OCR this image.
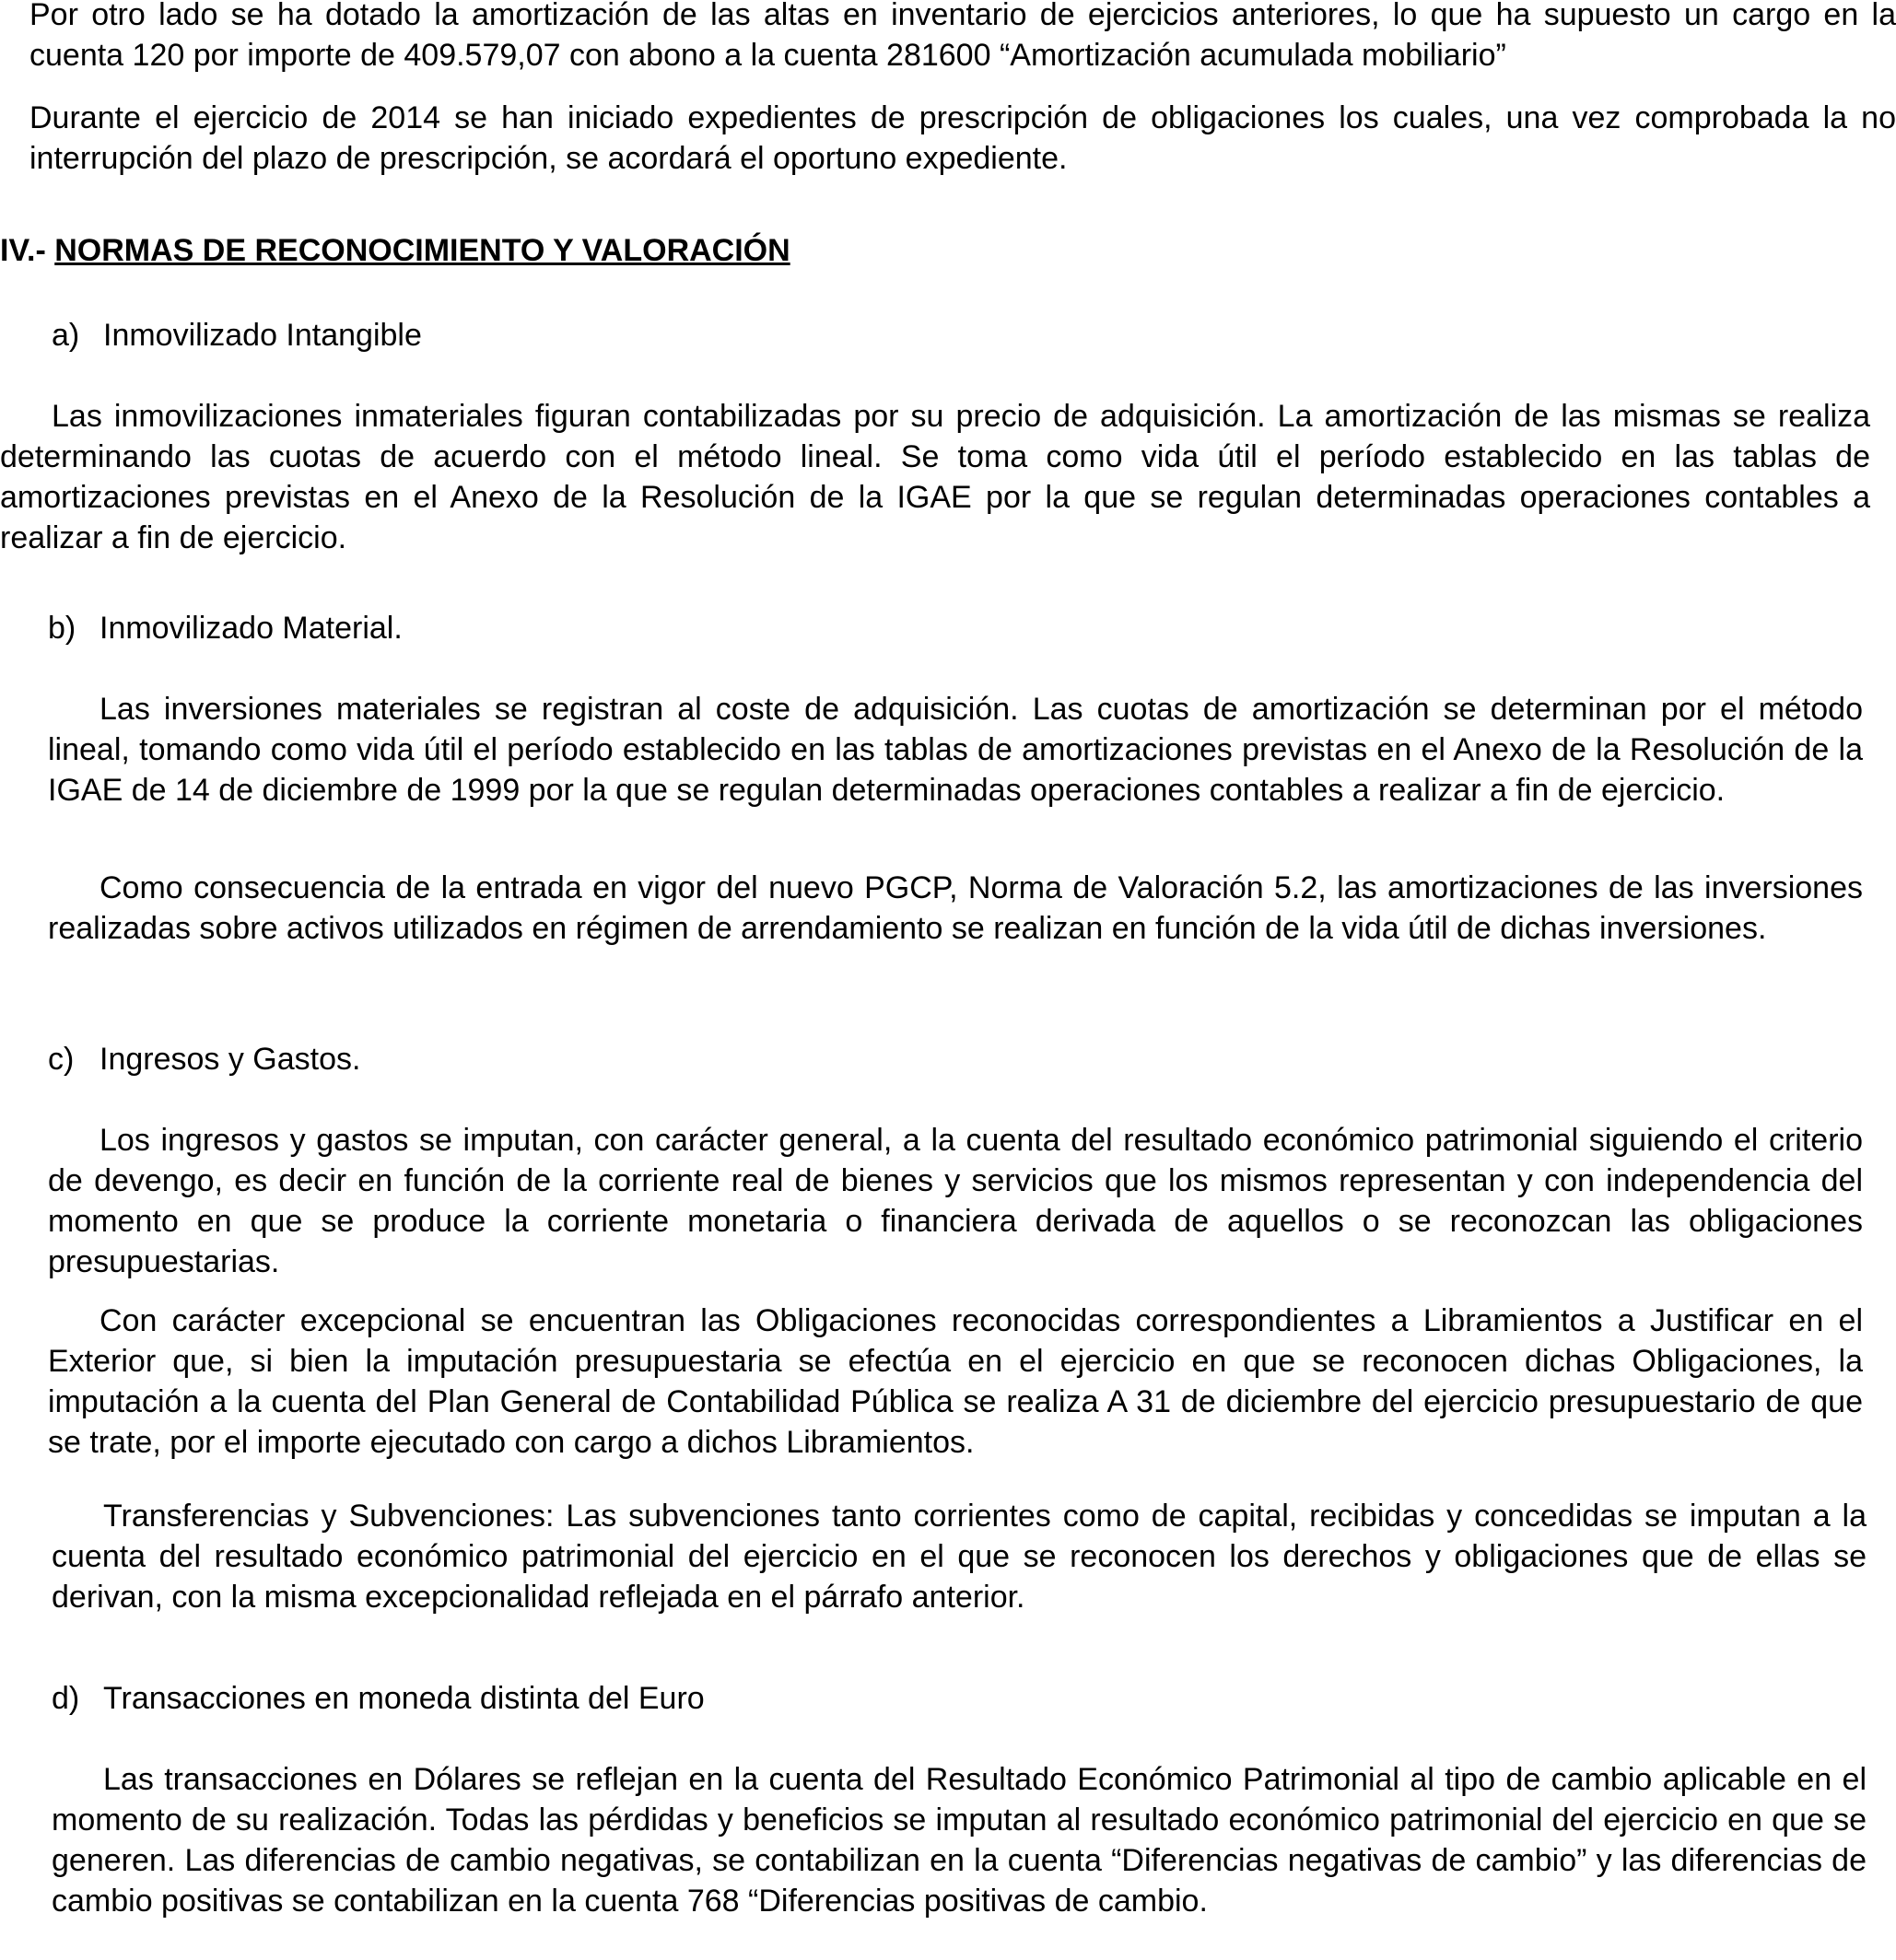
Por otro lado se ha dotado la amortización de las altas en inventario de ejercicios anteriores, lo que ha supuesto un cargo en la cuenta 120 por importe de 409.579,07 con abono a la cuenta 281600 “Amortización acumulada mobiliario”

Durante el ejercicio de 2014 se han iniciado expedientes de prescripción de obligaciones los cuales, una vez comprobada la no interrupción del plazo de prescripción, se acordará el oportuno expediente.

IV.- NORMAS DE RECONOCIMIENTO Y VALORACIÓN

a) Inmovilizado Intangible

Las inmovilizaciones inmateriales figuran contabilizadas por su precio de adquisición. La amortización de las mismas se realiza determinando las cuotas de acuerdo con el método lineal. Se toma como vida útil el período establecido en las tablas de amortizaciones previstas en el Anexo de la Resolución de la IGAE por la que se regulan determinadas operaciones contables a realizar a fin de ejercicio.

b) Inmovilizado Material.

Las inversiones materiales se registran al coste de adquisición. Las cuotas de amortización se determinan por el método lineal, tomando como vida útil el período establecido en las tablas de amortizaciones previstas en el Anexo de la Resolución de la IGAE de 14 de diciembre de 1999 por la que se regulan determinadas operaciones contables a realizar a fin de ejercicio.

Como consecuencia de la entrada en vigor del nuevo PGCP, Norma de Valoración 5.2, las amortizaciones de las inversiones realizadas sobre activos utilizados en régimen de arrendamiento se realizan en función de la vida útil de dichas inversiones.

c) Ingresos y Gastos.

Los ingresos y gastos se imputan, con carácter general, a la cuenta del resultado económico patrimonial siguiendo el criterio de devengo, es decir en función de la corriente real de bienes y servicios que los mismos representan y con independencia del momento en que se produce la corriente monetaria o financiera derivada de aquellos o se reconozcan las obligaciones presupuestarias.

Con carácter excepcional se encuentran las Obligaciones reconocidas correspondientes a Libramientos a Justificar en el Exterior que, si bien la imputación presupuestaria se efectúa en el ejercicio en que se reconocen dichas Obligaciones, la imputación a la cuenta del Plan General de Contabilidad Pública se realiza A 31 de diciembre del ejercicio presupuestario de que se trate, por el importe ejecutado con cargo a dichos Libramientos.

Transferencias y Subvenciones: Las subvenciones tanto corrientes como de capital, recibidas y concedidas se imputan a la cuenta del resultado económico patrimonial del ejercicio en el que se reconocen los derechos y obligaciones que de ellas se derivan, con la misma excepcionalidad reflejada en el párrafo anterior.

d) Transacciones en moneda distinta del Euro

Las transacciones en Dólares se reflejan en la cuenta del Resultado Económico Patrimonial al tipo de cambio aplicable en el momento de su realización. Todas las pérdidas y beneficios se imputan al resultado económico patrimonial del ejercicio en que se generen. Las diferencias de cambio negativas, se contabilizan en la cuenta “Diferencias negativas de cambio” y las diferencias de cambio positivas se contabilizan en la cuenta 768 “Diferencias positivas de cambio.
